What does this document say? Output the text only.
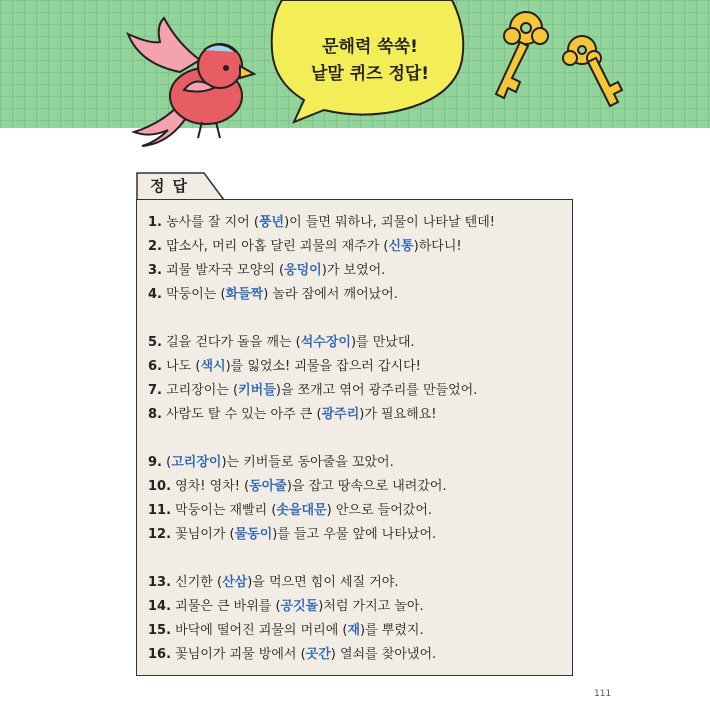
문해력 쑥쑥!
낱말 퀴즈 정답!
정답
1. 농사를 잘 지어 (풍년)이 들면 뭐하나, 괴물이 나타날 텐데!
2. 맙소사, 머리 아홉 달린 괴물의 재주가 (신통)하다니!
3. 괴물 발자국 모양의 (웅덩이)가 보였어.
4. 막둥이는 (화들짝) 놀라 잠에서 깨어났어.
5. 길을 걷다가 돌을 깨는 (석수장이)를 만났대.
6. 나도 (색시)를 잃었소! 괴물을 잡으러 갑시다!
7. 고리장이는 (키버들)을 쪼개고 엮어 광주리를 만들었어.
8. 사람도 탈 수 있는 아주 큰 (광주리)가 필요해요!
9. (고리장이)는 키버들로 동아줄을 꼬았어.
10. 영차! 영차! (동아줄)을 잡고 땅속으로 내려갔어.
11. 막둥이는 재빨리 (솟을대문) 안으로 들어갔어.
12. 꽃님이가 (물동이)를 들고 우물 앞에 나타났어.
13. 신기한 (산삼)을 먹으면 힘이 세질 거야.
14. 괴물은 큰 바위를 (공깃돌)처럼 가지고 놀아.
15. 바닥에 떨어진 괴물의 머리에 (재)를 뿌렸지.
16. 꽃님이가 괴물 방에서 (곳간) 열쇠를 찾아냈어.
111
